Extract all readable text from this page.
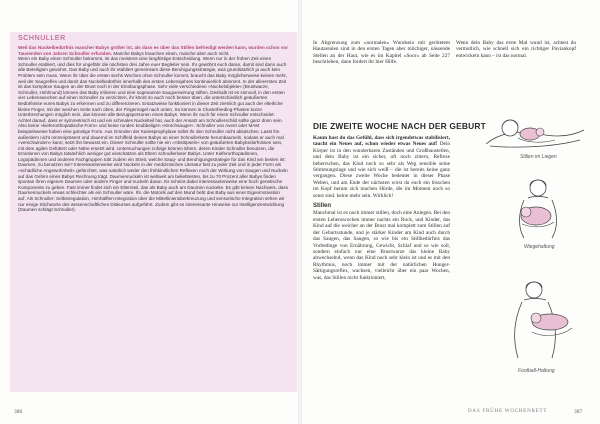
SCHNULLER

Weil das Nuckelbedürfnis mancher Babys größer ist, als dass es über das Stillen befriedigt werden kann, wurden schon vor Tausenden von Jahren Schnuller erfunden. Manche Babys brauchen einen, manche aber auch nicht.

Wenn ein Baby einen Schnuller bekommt, ist das meistens eine langfristige Entscheidung. Wenn nur in der frühen Zeit einen Schnuller etabliert, und dies für ungefähr die nächsten drei Jahre euer Begleiter sein. Ihr gewöhnt euch daran, damit sind dann auch alle Beteiligten gewohnt. Das Baby und auch ihr etabliert gemeinsam diese Beruhigungsstrategie, was grundsätzlich ja auch kein Problem sein muss. Wenn ihr über die ersten sechs Wochen ohne Schnuller kommt, braucht das Baby möglicherweise keinen mehr, weil der Saugreflex und damit das Nuckelbedürfnis innerhalb des ersten Lebensjahres kontinuierlich abnimmt. In der allerersten Zeit ist das komplexe Saugen an der Brust noch in der Einübungsphase. Sehr viele verschiedene »Nuckelobjekte« (Brustwarze, Schnuller, Hohlmund) können das Baby irritieren und eine sogenannte Saugverwirrung stiften. Deshalb ist es sinnvoll, in den ersten vier Lebenswochen auf einen Schnuller zu verzichten, ihr könnt so auch noch besser üben, die unterschiedlich geäußerten Bedürfnisse eures Babys zu erkennen und zu differenzieren. Ersatzweise funktioniert in dieser Zeit ziemlich gut auch der elterliche kleine Finger, mit der weichen Seite nach oben, der Fingernagel nach unten. So können in Clusterfeeding-Phasen kurze Unterbrechungen möglich sein, das können alle Bezugspersonen eines Babys. Wenn ihr euch für einen Schnuller entscheidet: Achtet darauf, dass er symmetrisch ist und ein schmales Nuckelteil hat, auch der Ansatz am Schnullerschild sollte ganz dünn sein. Also keine »kieferorthopädische Form« und keine runden knubbeligen »Kirschsauger«. Schnuller von Avent oder MAM beispielsweise haben eine günstige Form. Aus Gründen der Kariesprophylaxe sollet ihr den Schnuller nicht ablutschen. Lasst ihn außerdem nicht ommnipräsent und dauernd im Schiffeld deines Babys an einer Schnullerkette herumbaumeln, sodass er auch mal »verschwinden« kann; setzt ihn bewusst ein. Dieser Schnuller sollte nie ein »Abstöpseln« von geäußerten Babybedürfnissen sein, mit dem agiles Gefüttert oder Nähe ersetzt wird. Untersuchungen zufolge können Eltern, deren Kinder Schnuller benutzen, die Emotionen von Babys tatsächlich weniger gut einschätzen als Eltern schnullerloser Babys. Unter Kieferorthopädinnen, Logopädinnen und anderen Fachgruppen tobt zudem ein Streit, welche Saug- und Beruhigungsstrategie für das Kind am besten ist: Daumen, zu benutzen sie? Interessanterweise wird Nuckeln in der medizinischen Literatur fast zu jeder Zeit und in jeder Form als »schädliche Angewohnheit« gefürchtet, was natürlich weder den frühkindlichen Reflexen noch der Wirkung von Saugen und Nuckeln auf das Gehirn eines Babys Rechnung trägt. Daumennuckeln ist weltweit am beliebtesten, bis zu 70 Prozent aller Babys finden spontan ihren eigenen Daumen oder andere Finger und nuckeln daran. Es scheint dabei interessanterweise eine hoch genetische Komponente zu geben. Fast immer findet sich ein Elternteil, das als Baby auch am Daumen nuckelte. Es gibt keinen Nachweis, dass Daumennuckeln erwas schlechter als ein Schnuller wäre. Ihr, die Motorik auf den Mund hebt das Baby aus einer Eigenmotivation auf. Als Schnuller: Selbstregulation, Hirnhälften-Integration über die Mittellinienüberkreuzung und sensorische Integration sehen wir nur einige Stichworte des wissenschaftlichen Diskurses aufgeführt. Zudem gibt es interessante Hinweise zur Intelligenzentwicklung (Daumen schlägt Schnuller).

In Abgrenzung zum »normalen« Wundsein mit gerötetem Hautarealen sind in den ersten Tagen aber milchiger, nässende Stellen an der Haut, wie es im Kapitel »Soor« ab Seite 227 beschrieben, dann fordert ihr hier Hilfe.

DIE ZWEITE WOCHE NACH DER GEBURT

Kaum hast du das Gefühl, dass sich irgendetwas stabilisiert, taucht ein Neues auf, schon wieder etwas Neues auf! Dein Körper ist in den wunderbaren Zuständen und Großbaustellen, und dein Baby ist ein sicher, oft noch zittern, Reflexe beherrschen, das Kind noch so sehr als Weg sensible seine Stimmungslage und wie sich weiß – die ist bereits keine ganz vergangen. Diese zweite Woche bedeutet in dieser Phase Welten, und am Ende der nächsten wirst du euch ein bisschen im Kopf herum sich machen Hürde, die im Moment noch so sonst sind. keine mehr sein. Wirklich!

Stillen

Manchmal ist es noch immer stillen, doch eine Anlegen. Bei den ersten Lebenswochen immer nachts ein Ruck, und Kinder, das Kind auf die weicher an der Brust mal komplett zum Stillen auf der Geburtsstunde, und je stärker Kinder am Kind auch durch das Saugen, das Saugen, so wie bis ein Stillbedürfnis das Vorbedinge von Ernährung, Gewicht, Schlaf und so wie soll, sondern einfach nur eine Brustwarze das kleine Baby abwechselnd, wenn das Kind noch sehr klein ist und es mit den Rhythmus, noch immer mit der natürlichen Hunger-Sättigungsreflex, wachsen, vielleicht über ein paar Wochen, was, das Stillen nicht funktioniert,

Wenn dein Baby das erste Mal wund ist, achtest du vermutlich, wie schnell sich ein richtiger Paviankopf entwickeln kann – ist das normal.

Stillen im Liegen
Wiegehaltung
Football-Haltung

386	DAS FRÜHE WOCHENBETT	387
